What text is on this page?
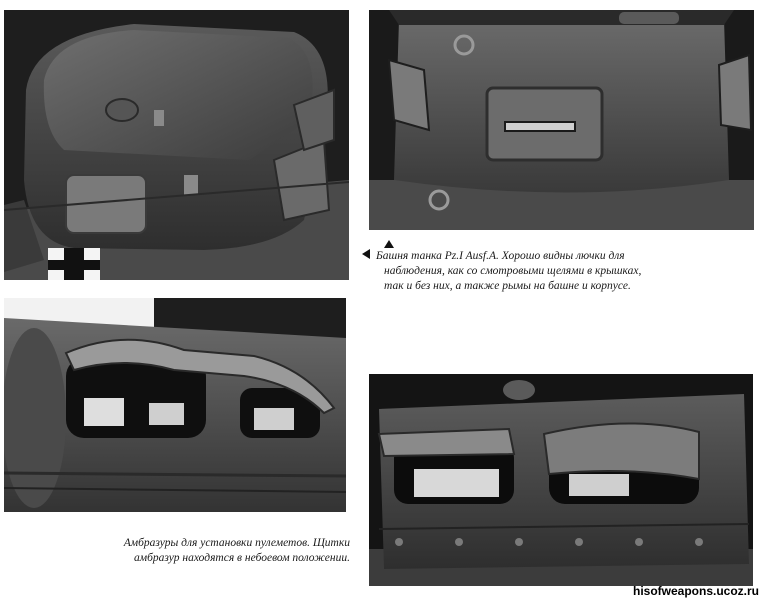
Башня танка Pz.I Ausf.A. Хорошо видны лючки для
наблюдения, как со смотровыми щелями в крышках,
так и без них, а также рымы на башне и корпусе.
Амбразуры для установки пулеметов. Щитки
амбразур находятся в небоевом положении.
hisofweapons.ucoz.ru
